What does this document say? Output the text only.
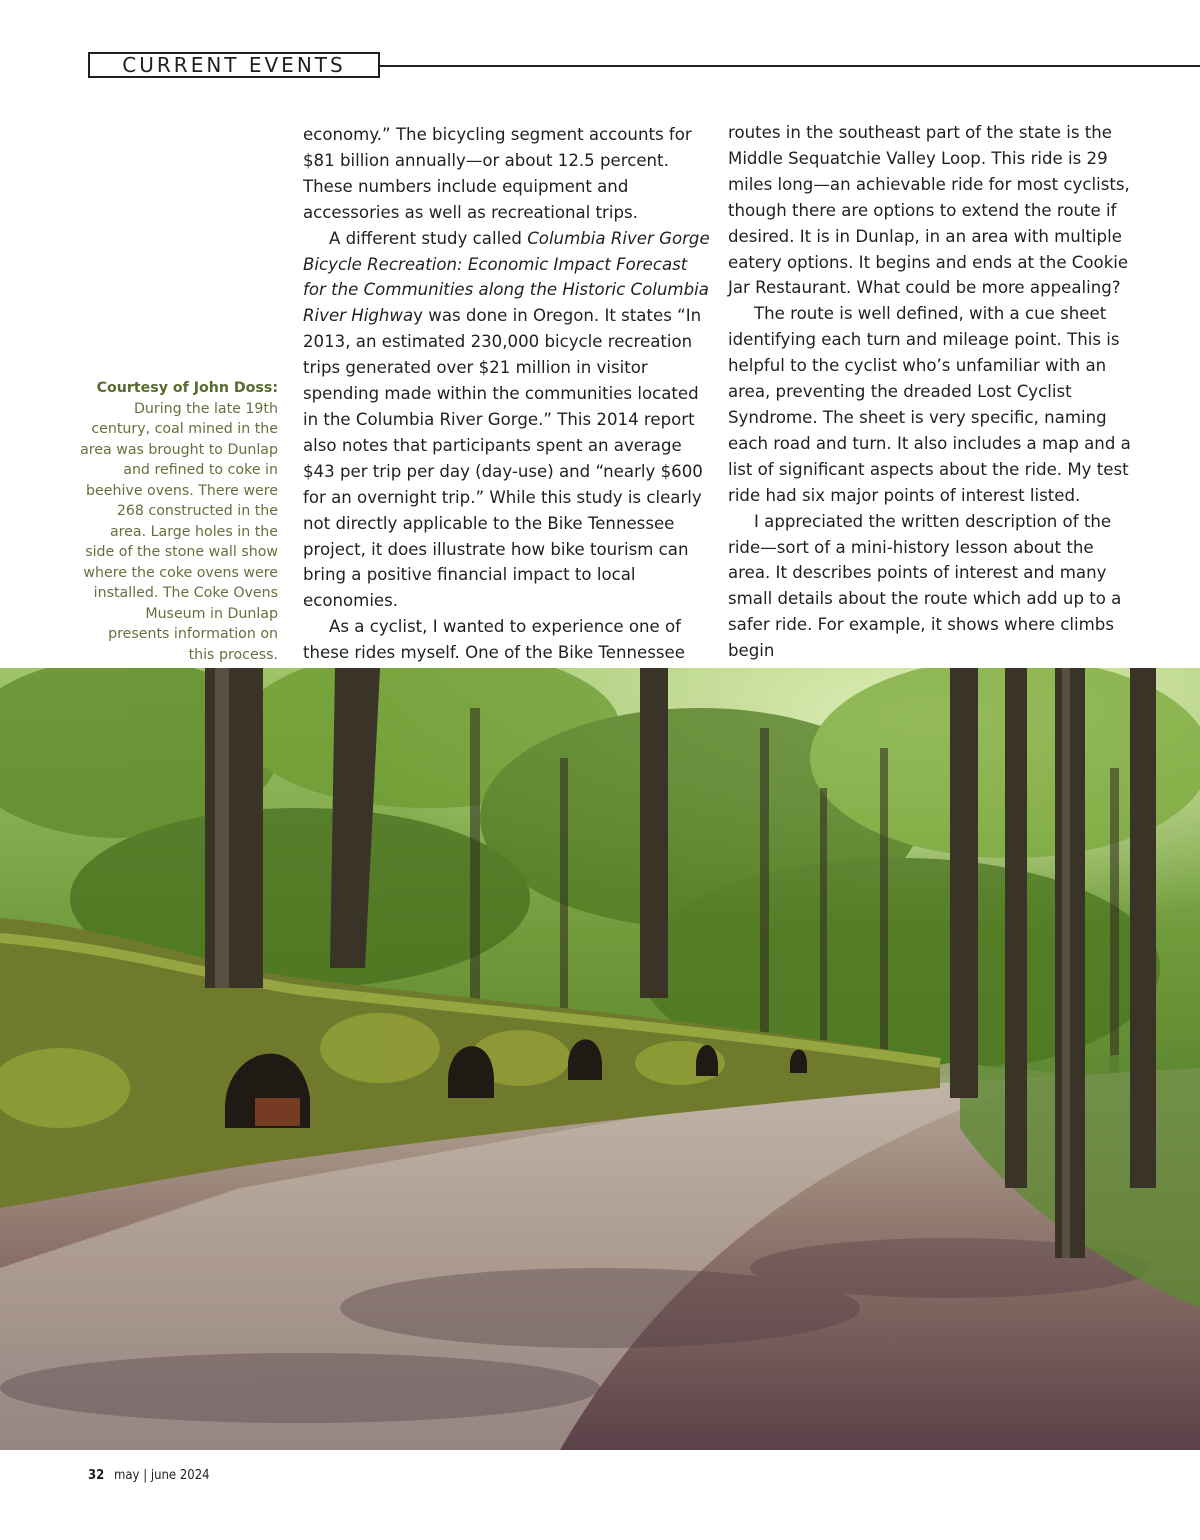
CURRENT EVENTS
Courtesy of John Doss: During the late 19th century, coal mined in the area was brought to Dunlap and refined to coke in beehive ovens. There were 268 constructed in the area. Large holes in the side of the stone wall show where the coke ovens were installed. The Coke Ovens Museum in Dunlap presents information on this process.

economy.” The bicycling segment accounts for $81 billion annually—or about 12.5 percent. These numbers include equipment and accessories as well as recreational trips.

A different study called Columbia River Gorge Bicycle Recreation: Economic Impact Forecast for the Communities along the Historic Columbia River Highway was done in Oregon. It states “In 2013, an estimated 230,000 bicycle recreation trips generated over $21 million in visitor spending made within the communities located in the Columbia River Gorge.” This 2014 report also notes that participants spent an average $43 per trip per day (day-use) and “nearly $600 for an overnight trip.” While this study is clearly not directly applicable to the Bike Tennessee project, it does illustrate how bike tourism can bring a positive financial impact to local economies.

As a cyclist, I wanted to experience one of these rides myself. One of the Bike Tennessee

routes in the southeast part of the state is the Middle Sequatchie Valley Loop. This ride is 29 miles long—an achievable ride for most cyclists, though there are options to extend the route if desired. It is in Dunlap, in an area with multiple eatery options. It begins and ends at the Cookie Jar Restaurant. What could be more appealing?

The route is well defined, with a cue sheet identifying each turn and mileage point. This is helpful to the cyclist who’s unfamiliar with an area, preventing the dreaded Lost Cyclist Syndrome. The sheet is very specific, naming each road and turn. It also includes a map and a list of significant aspects about the ride. My test ride had six major points of interest listed.

I appreciated the written description of the ride—sort of a mini-history lesson about the area. It describes points of interest and many small details about the route which add up to a safer ride. For example, it shows where climbs begin

32 may | june 2024
